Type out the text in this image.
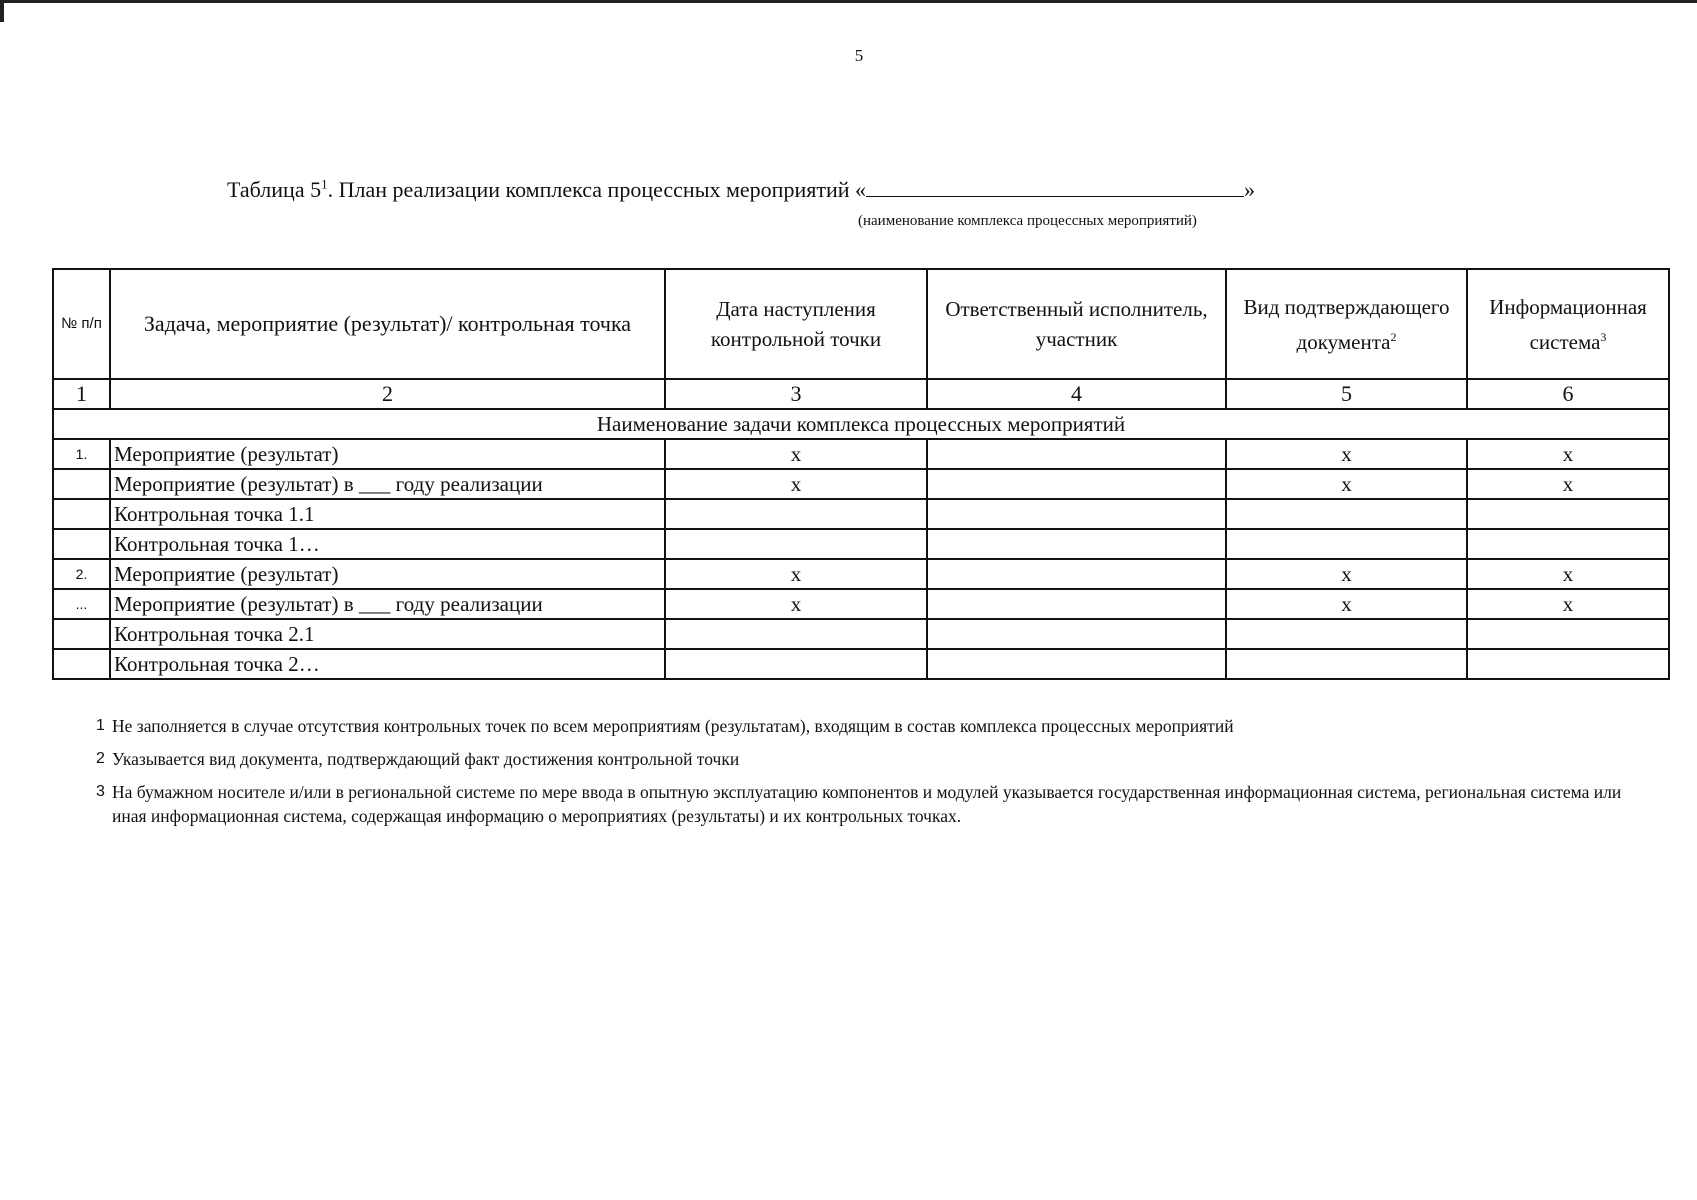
5
Таблица $5^1$. План реализации комплекса процессных мероприятий «	»
(наименование комплекса процессных мероприятий)
№ п/п	Задача, мероприятие (результат)/ контрольная точка	Дата наступления контрольной точки	Ответственный исполнитель, участник	Вид подтверждающего документа$^2$	Информационная система$^3$
1	2	3	4	5	6
Наименование задачи комплекса процессных мероприятий					
1.	Мероприятие (результат)	x		x	x
	Мероприятие (результат) в ___ году реализации	x		x	x
	Контрольная точка 1.1				
	Контрольная точка 1…				
2.	Мероприятие (результат)	x		x	x
...	Мероприятие (результат) в ___ году реализации	x		x	x
	Контрольная точка 2.1				
	Контрольная точка 2…				
1 Не заполняется в случае отсутствия контрольных точек по всем мероприятиям (результатам), входящим в состав комплекса процессных мероприятий
2 Указывается вид документа, подтверждающий факт достижения контрольной точки
3 На бумажном носителе и/или в региональной системе по мере ввода в опытную эксплуатацию компонентов и модулей указывается государственная информационная система, региональная система или иная информационная система, содержащая информацию о мероприятиях (результаты) и их контрольных точках.
